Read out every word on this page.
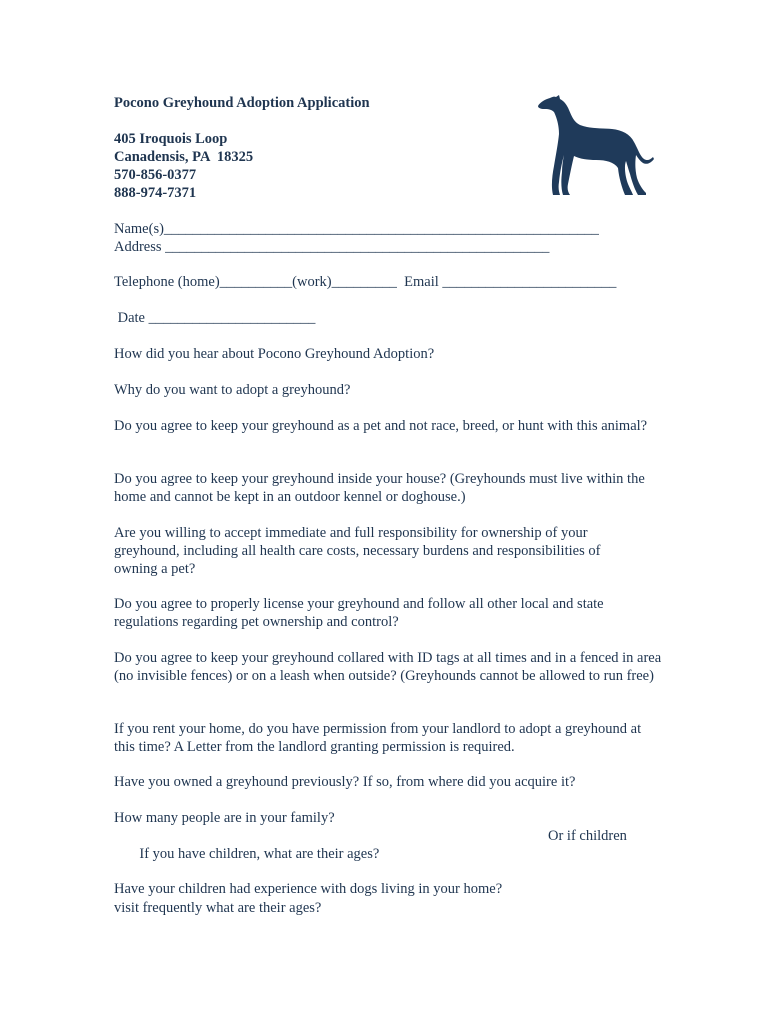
Pocono Greyhound Adoption Application
405 Iroquois Loop
Canadensis, PA  18325
570-856-0377
888-974-7371
Name(s)____________________________________________________________
Address _____________________________________________________
Telephone (home)__________(work)_________  Email ________________________
Date _______________________
How did you hear about Pocono Greyhound Adoption?
Why do you want to adopt a greyhound?
Do you agree to keep your greyhound as a pet and not race, breed, or hunt with this animal?
Do you agree to keep your greyhound inside your house? (Greyhounds must live within the home and cannot be kept in an outdoor kennel or doghouse.)
Are you willing to accept immediate and full responsibility for ownership of your greyhound, including all health care costs, necessary burdens and responsibilities of owning a pet?
Do you agree to properly license your greyhound and follow all other local and state regulations regarding pet ownership and control?
Do you agree to keep your greyhound collared with ID tags at all times and in a fenced in area (no invisible fences) or on a leash when outside? (Greyhounds cannot be allowed to run free)
If you rent your home, do you have permission from your landlord to adopt a greyhound at this time? A Letter from the landlord granting permission is required.
Have you owned a greyhound previously? If so, from where did you acquire it?
How many people are in your family?

If you have children, what are their ages?

Or if children

visit frequently what are their ages?
Have your children had experience with dogs living in your home?
